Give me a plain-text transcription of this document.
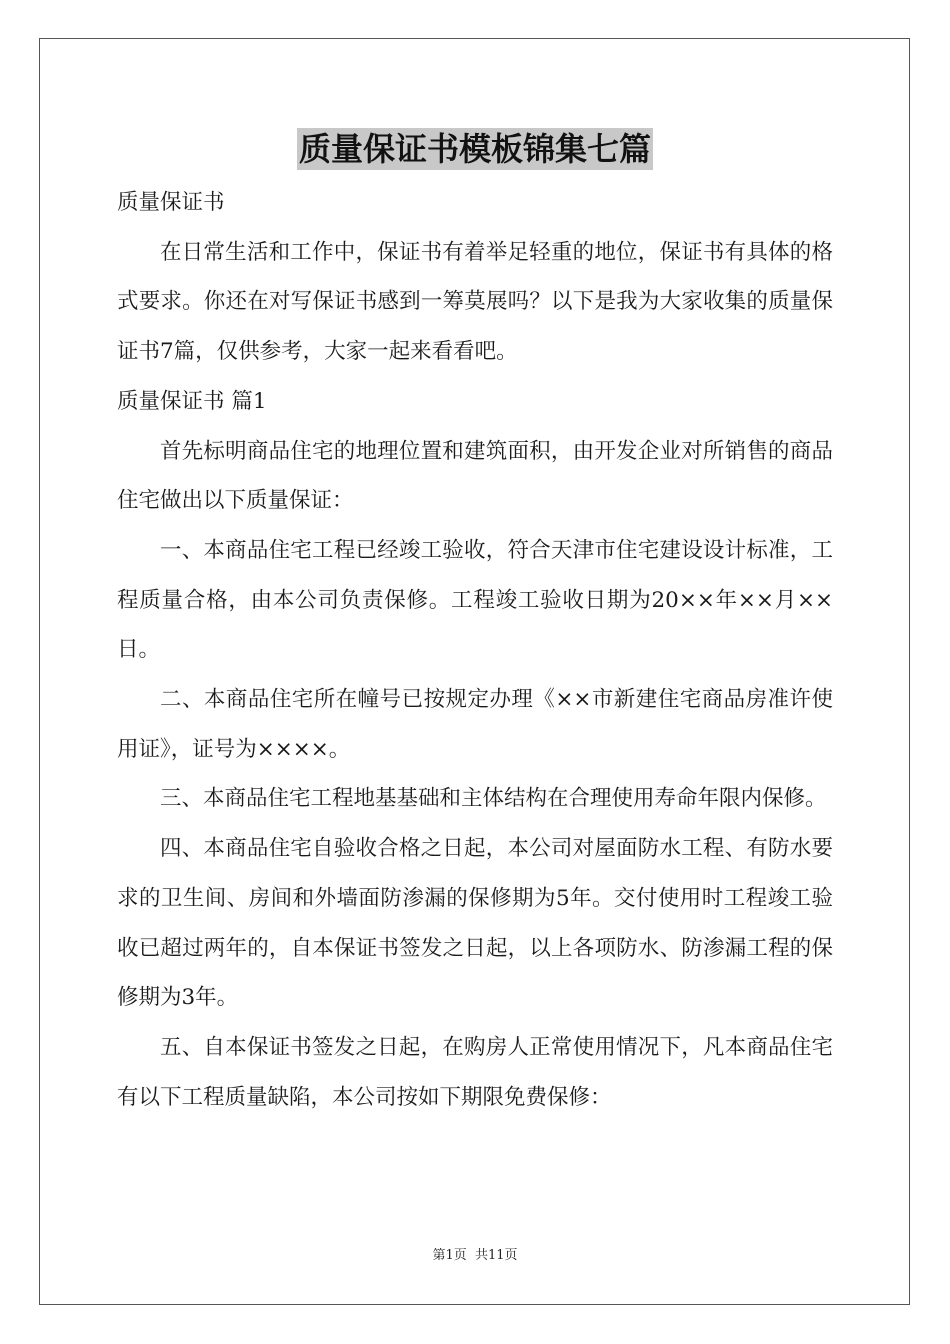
质量保证书模板锦集七篇

质量保证书

在日常生活和工作中，保证书有着举足轻重的地位，保证书有具体的格式要求。你还在对写保证书感到一筹莫展吗？以下是我为大家收集的质量保证书7篇，仅供参考，大家一起来看看吧。

质量保证书 篇1

首先标明商品住宅的地理位置和建筑面积，由开发企业对所销售的商品住宅做出以下质量保证：

一、本商品住宅工程已经竣工验收，符合天津市住宅建设设计标准，工程质量合格，由本公司负责保修。工程竣工验收日期为20××年××月××日。

二、本商品住宅所在幢号已按规定办理《××市新建住宅商品房准许使用证》，证号为××××。

三、本商品住宅工程地基基础和主体结构在合理使用寿命年限内保修。

四、本商品住宅自验收合格之日起，本公司对屋面防水工程、有防水要求的卫生间、房间和外墙面防渗漏的保修期为5年。交付使用时工程竣工验收已超过两年的，自本保证书签发之日起，以上各项防水、防渗漏工程的保修期为3年。

五、自本保证书签发之日起，在购房人正常使用情况下，凡本商品住宅有以下工程质量缺陷，本公司按如下期限免费保修：

第1页  共11页
